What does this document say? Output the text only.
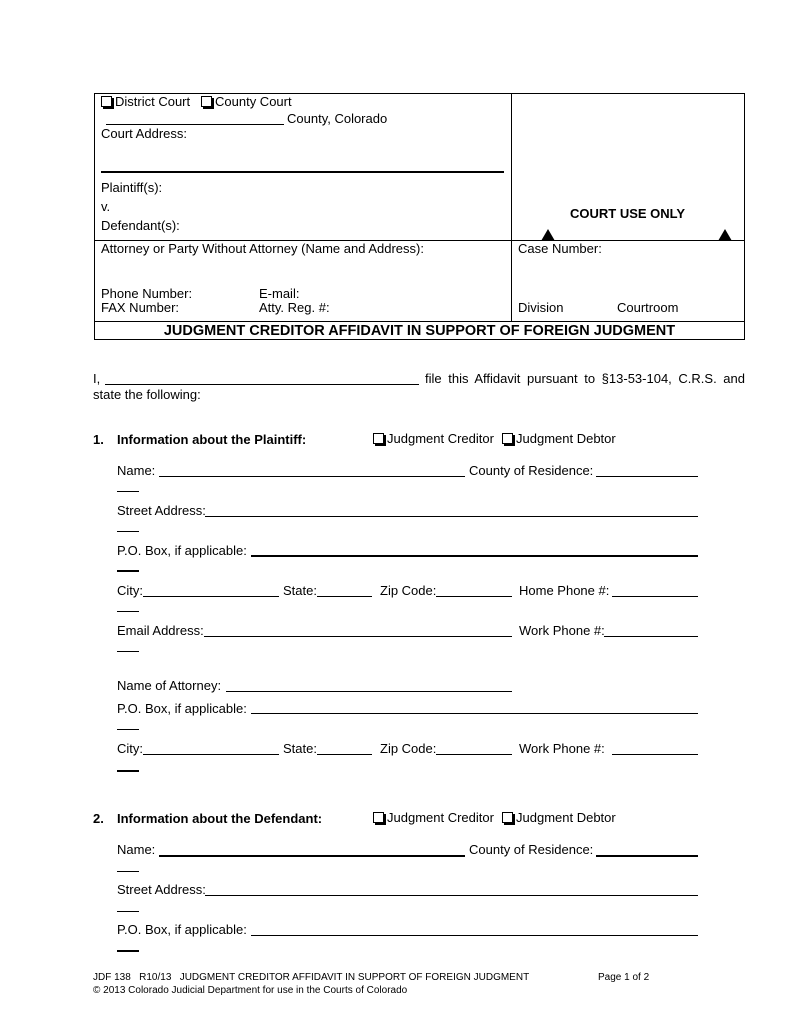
District Court	County Court
County, Colorado
Court Address:
Plaintiff(s):
v.
Defendant(s):
COURT USE ONLY
Attorney or Party Without Attorney (Name and Address):
Phone Number:	E-mail:
FAX Number:	Atty. Reg. #:
Case Number:
Division	Courtroom
JUDGMENT CREDITOR AFFIDAVIT IN SUPPORT OF FOREIGN JUDGMENT
I,	file this Affidavit pursuant to §13-53-104, C.R.S. and
state the following:
1. Information about the Plaintiff:	Judgment Creditor	Judgment Debtor
Name:	County of Residence:
Street Address:
P.O. Box, if applicable:
City:	State:	Zip Code:	Home Phone #:
Email Address:	Work Phone #:
Name of Attorney:
P.O. Box, if applicable:
City:	State:	Zip Code:	Work Phone #:
2. Information about the Defendant:	Judgment Creditor	Judgment Debtor
Name:	County of Residence:
Street Address:
P.O. Box, if applicable:
JDF 138   R10/13   JUDGMENT CREDITOR AFFIDAVIT IN SUPPORT OF FOREIGN JUDGMENT	Page 1 of 2
© 2013 Colorado Judicial Department for use in the Courts of Colorado
